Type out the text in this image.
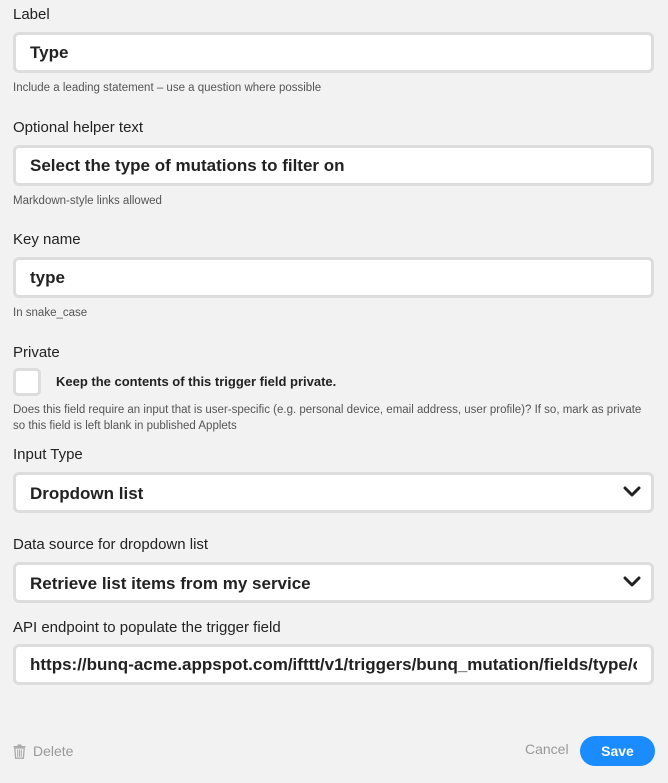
Label
Type
Include a leading statement – use a question where possible
Optional helper text
Select the type of mutations to filter on
Markdown-style links allowed
Key name
type
In snake_case
Private
Keep the contents of this trigger field private.
Does this field require an input that is user-specific (e.g. personal device, email address, user profile)? If so, mark as private so this field is left blank in published Applets
Input Type
Dropdown list
Data source for dropdown list
Retrieve list items from my service
API endpoint to populate the trigger field
https://bunq-acme.appspot.com/ifttt/v1/triggers/bunq_mutation/fields/type/options
Delete	Cancel	Save
